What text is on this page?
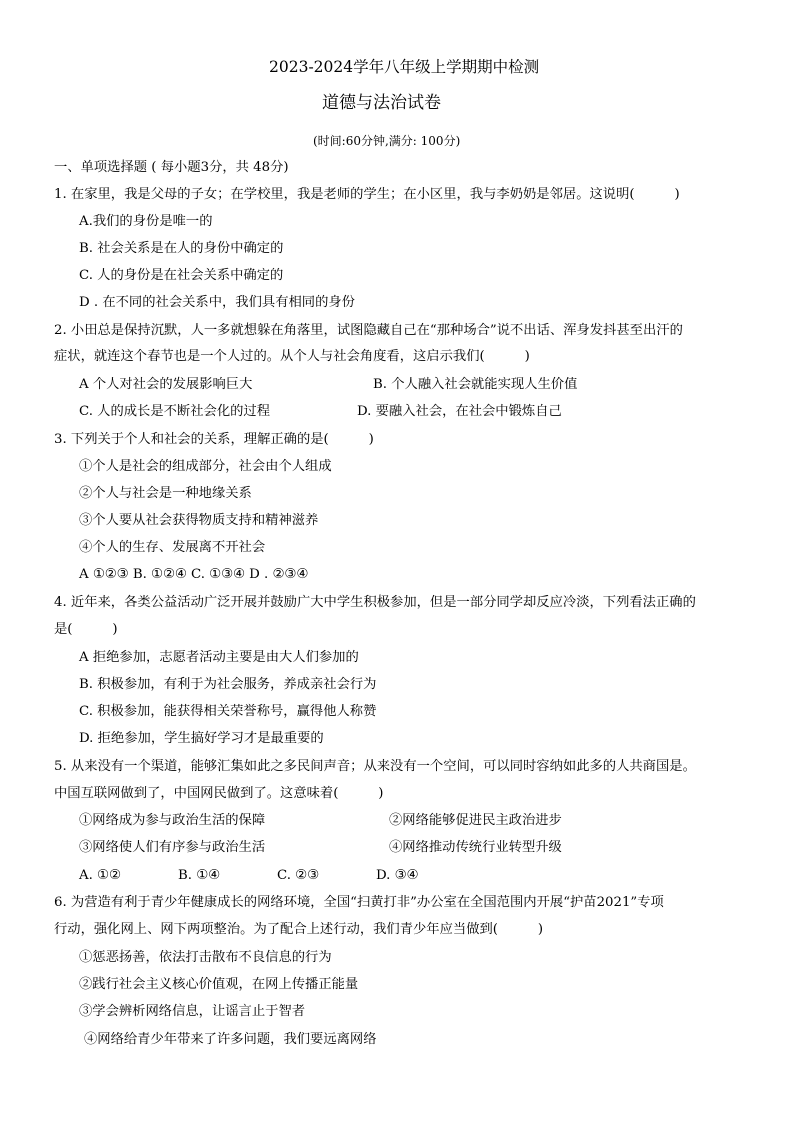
2023-2024学年八年级上学期期中检测
道德与法治试卷
(时间:60分钟,满分: 100分)
一、单项选择题 ( 每小题3分，共 48分)
1. 在家里，我是父母的子女；在学校里，我是老师的学生；在小区里，我与李奶奶是邻居。这说明(　　　)
A.我们的身份是唯一的
B. 社会关系是在人的身份中确定的
C. 人的身份是在社会关系中确定的
D . 在不同的社会关系中，我们具有相同的身份
2. 小田总是保持沉默，人一多就想躲在角落里，试图隐藏自己在“那种场合”说不出话、浑身发抖甚至出汗的
症状，就连这个春节也是一个人过的。从个人与社会角度看，这启示我们(　　　)
A 个人对社会的发展影响巨大	B. 个人融入社会就能实现人生价值
C. 人的成长是不断社会化的过程	D. 要融入社会，在社会中锻炼自己
3. 下列关于个人和社会的关系，理解正确的是(　　　)
①个人是社会的组成部分，社会由个人组成
②个人与社会是一种地缘关系
③个人要从社会获得物质支持和精神滋养
④个人的生存、发展离不开社会
A ①②③ B. ①②④ C. ①③④ D . ②③④
4. 近年来，各类公益活动广泛开展并鼓励广大中学生积极参加，但是一部分同学却反应冷淡，下列看法正确的
是(　　　)
A 拒绝参加，志愿者活动主要是由大人们参加的
B. 积极参加，有利于为社会服务，养成亲社会行为
C. 积极参加，能获得相关荣誉称号，赢得他人称赞
D. 拒绝参加，学生搞好学习才是最重要的
5. 从来没有一个渠道，能够汇集如此之多民间声音；从来没有一个空间，可以同时容纳如此多的人共商国是。
中国互联网做到了，中国网民做到了。这意味着(　　　)
①网络成为参与政治生活的保障	②网络能够促进民主政治进步
③网络使人们有序参与政治生活	④网络推动传统行业转型升级
A. ①②	B. ①④	C. ②③	D. ③④
6. 为营造有利于青少年健康成长的网络环境，全国“扫黄打非”办公室在全国范围内开展“护苗2021”专项
行动，强化网上、网下两项整治。为了配合上述行动，我们青少年应当做到(　　　)
①惩恶扬善，依法打击散布不良信息的行为
②践行社会主义核心价值观，在网上传播正能量
③学会辨析网络信息，让谣言止于智者
④网络给青少年带来了许多问题，我们要远离网络
